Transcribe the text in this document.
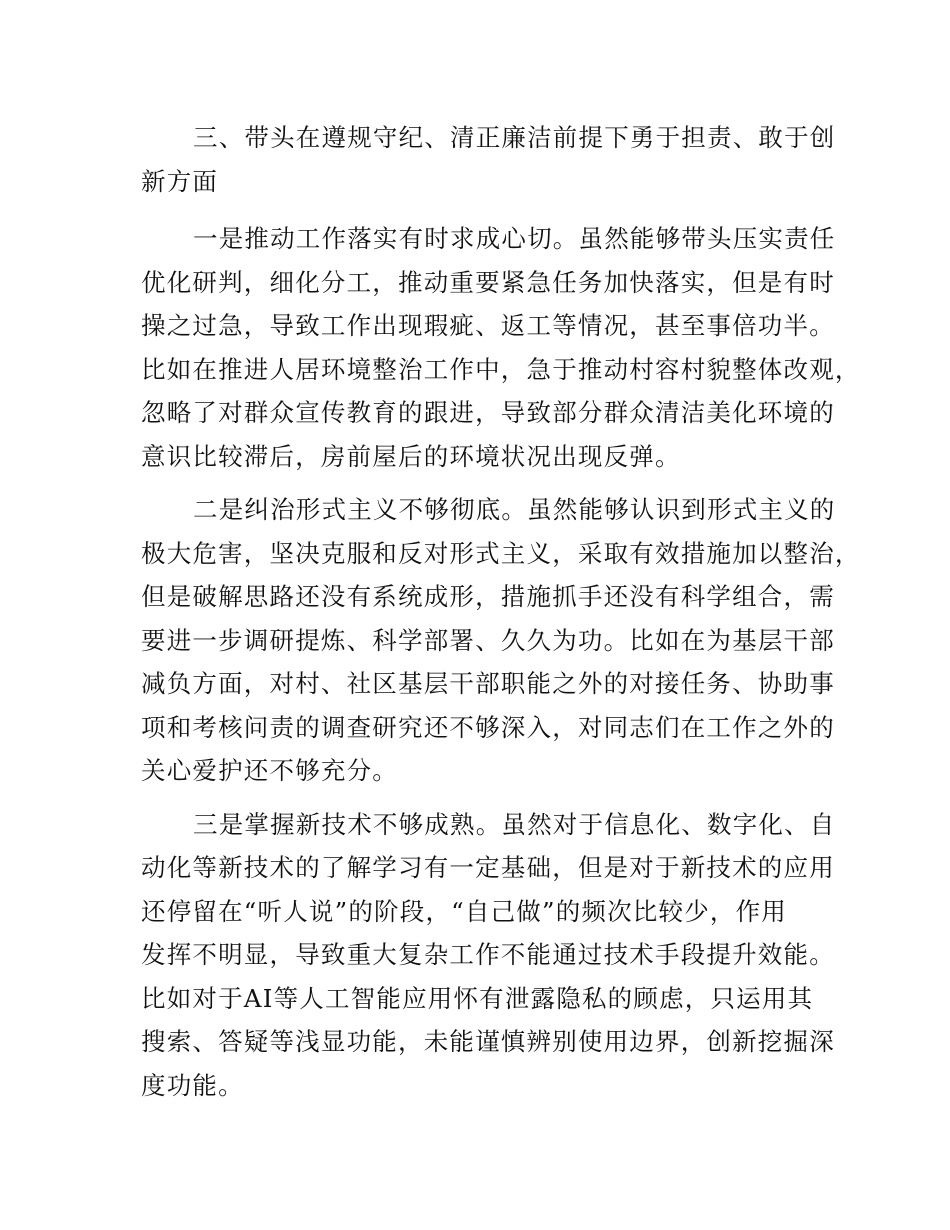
三、带头在遵规守纪、清正廉洁前提下勇于担责、敢于创
新方面

一是推动工作落实有时求成心切。虽然能够带头压实责任
优化研判，细化分工，推动重要紧急任务加快落实，但是有时
操之过急，导致工作出现瑕疵、返工等情况，甚至事倍功半。
比如在推进人居环境整治工作中，急于推动村容村貌整体改观，
忽略了对群众宣传教育的跟进，导致部分群众清洁美化环境的
意识比较滞后，房前屋后的环境状况出现反弹。

二是纠治形式主义不够彻底。虽然能够认识到形式主义的
极大危害，坚决克服和反对形式主义，采取有效措施加以整治，
但是破解思路还没有系统成形，措施抓手还没有科学组合，需
要进一步调研提炼、科学部署、久久为功。比如在为基层干部
减负方面，对村、社区基层干部职能之外的对接任务、协助事
项和考核问责的调查研究还不够深入，对同志们在工作之外的
关心爱护还不够充分。

三是掌握新技术不够成熟。虽然对于信息化、数字化、自
动化等新技术的了解学习有一定基础，但是对于新技术的应用
还停留在“听人说”的阶段，“自己做”的频次比较少，作用
发挥不明显，导致重大复杂工作不能通过技术手段提升效能。
比如对于AI等人工智能应用怀有泄露隐私的顾虑，只运用其
搜索、答疑等浅显功能，未能谨慎辨别使用边界，创新挖掘深
度功能。
